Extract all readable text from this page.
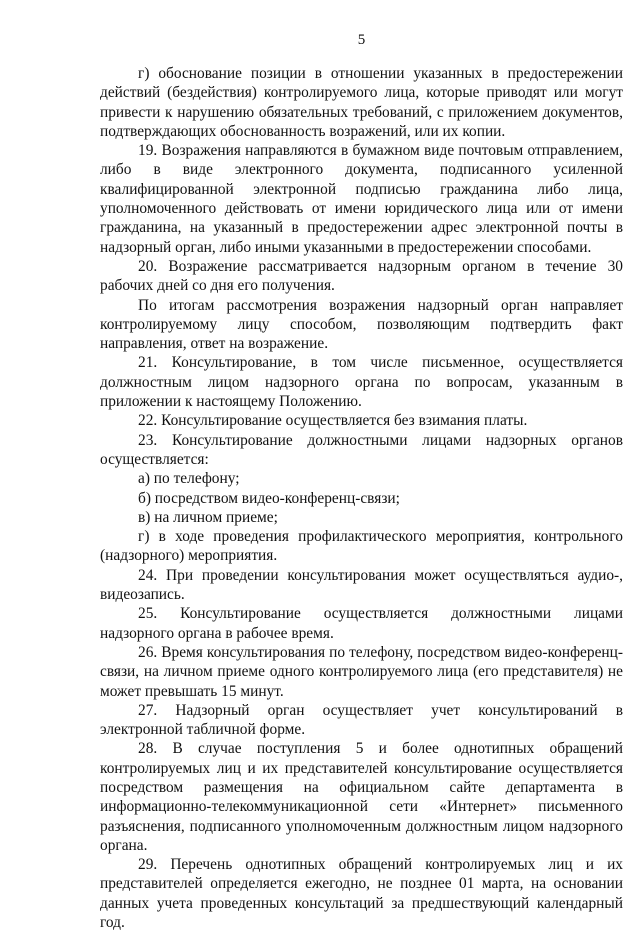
5

г) обоснование позиции в отношении указанных в предостережении действий (бездействия) контролируемого лица, которые приводят или могут привести к нарушению обязательных требований, с приложением документов, подтверждающих обоснованность возражений, или их копии.

19. Возражения направляются в бумажном виде почтовым отправлением, либо в виде электронного документа, подписанного усиленной квалифицированной электронной подписью гражданина либо лица, уполномоченного действовать от имени юридического лица или от имени гражданина, на указанный в предостережении адрес электронной почты в надзорный орган, либо иными указанными в предостережении способами.

20. Возражение рассматривается надзорным органом в течение 30 рабочих дней со дня его получения.

По итогам рассмотрения возражения надзорный орган направляет контролируемому лицу способом, позволяющим подтвердить факт направления, ответ на возражение.

21. Консультирование, в том числе письменное, осуществляется должностным лицом надзорного органа по вопросам, указанным в приложении к настоящему Положению.

22. Консультирование осуществляется без взимания платы.

23. Консультирование должностными лицами надзорных органов осуществляется:

а) по телефону;

б) посредством видео-конференц-связи;

в) на личном приеме;

г) в ходе проведения профилактического мероприятия, контрольного (надзорного) мероприятия.

24. При проведении консультирования может осуществляться аудио-, видеозапись.

25. Консультирование осуществляется должностными лицами надзорного органа в рабочее время.

26. Время консультирования по телефону, посредством видео-конференц-связи, на личном приеме одного контролируемого лица (его представителя) не может превышать 15 минут.

27. Надзорный орган осуществляет учет консультирований в электронной табличной форме.

28. В случае поступления 5 и более однотипных обращений контролируемых лиц и их представителей консультирование осуществляется посредством размещения на официальном сайте департамента в информационно-телекоммуникационной сети «Интернет» письменного разъяснения, подписанного уполномоченным должностным лицом надзорного органа.

29. Перечень однотипных обращений контролируемых лиц и их представителей определяется ежегодно, не позднее 01 марта, на основании данных учета проведенных консультаций за предшествующий календарный год.
